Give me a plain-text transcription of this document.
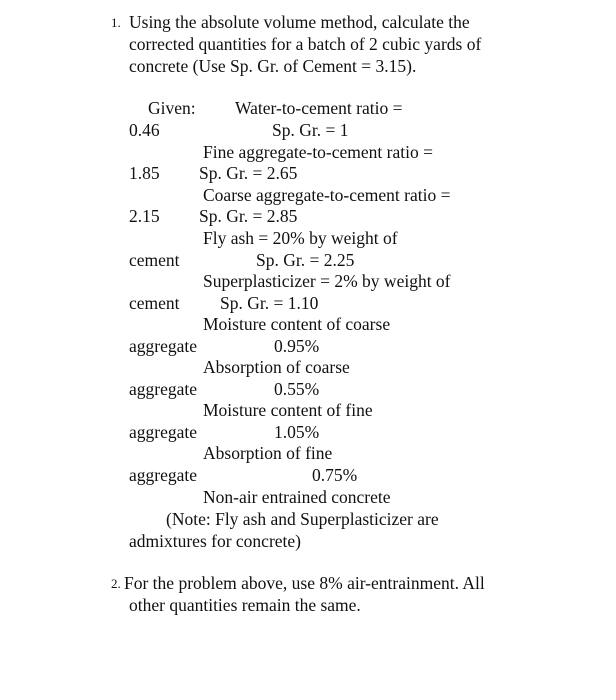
1. Using the absolute volume method, calculate the
corrected quantities for a batch of 2 cubic yards of
concrete (Use Sp. Gr. of Cement = 3.15).
Given: Water-to-cement ratio =
0.46	Sp. Gr. = 1
Fine aggregate-to-cement ratio =
1.85 Sp. Gr. = 2.65
Coarse aggregate-to-cement ratio =
2.15 Sp. Gr. = 2.85
Fly ash = 20% by weight of
cement	Sp. Gr. = 2.25
Superplasticizer = 2% by weight of
cement Sp. Gr. = 1.10
Moisture content of coarse
aggregate	0.95%
Absorption of coarse
aggregate	0.55%
Moisture content of fine
aggregate	1.05%
Absorption of fine
aggregate	0.75%
Non-air entrained concrete
(Note: Fly ash and Superplasticizer are
admixtures for concrete)
2. For the problem above, use 8% air-entrainment. All
other quantities remain the same.
